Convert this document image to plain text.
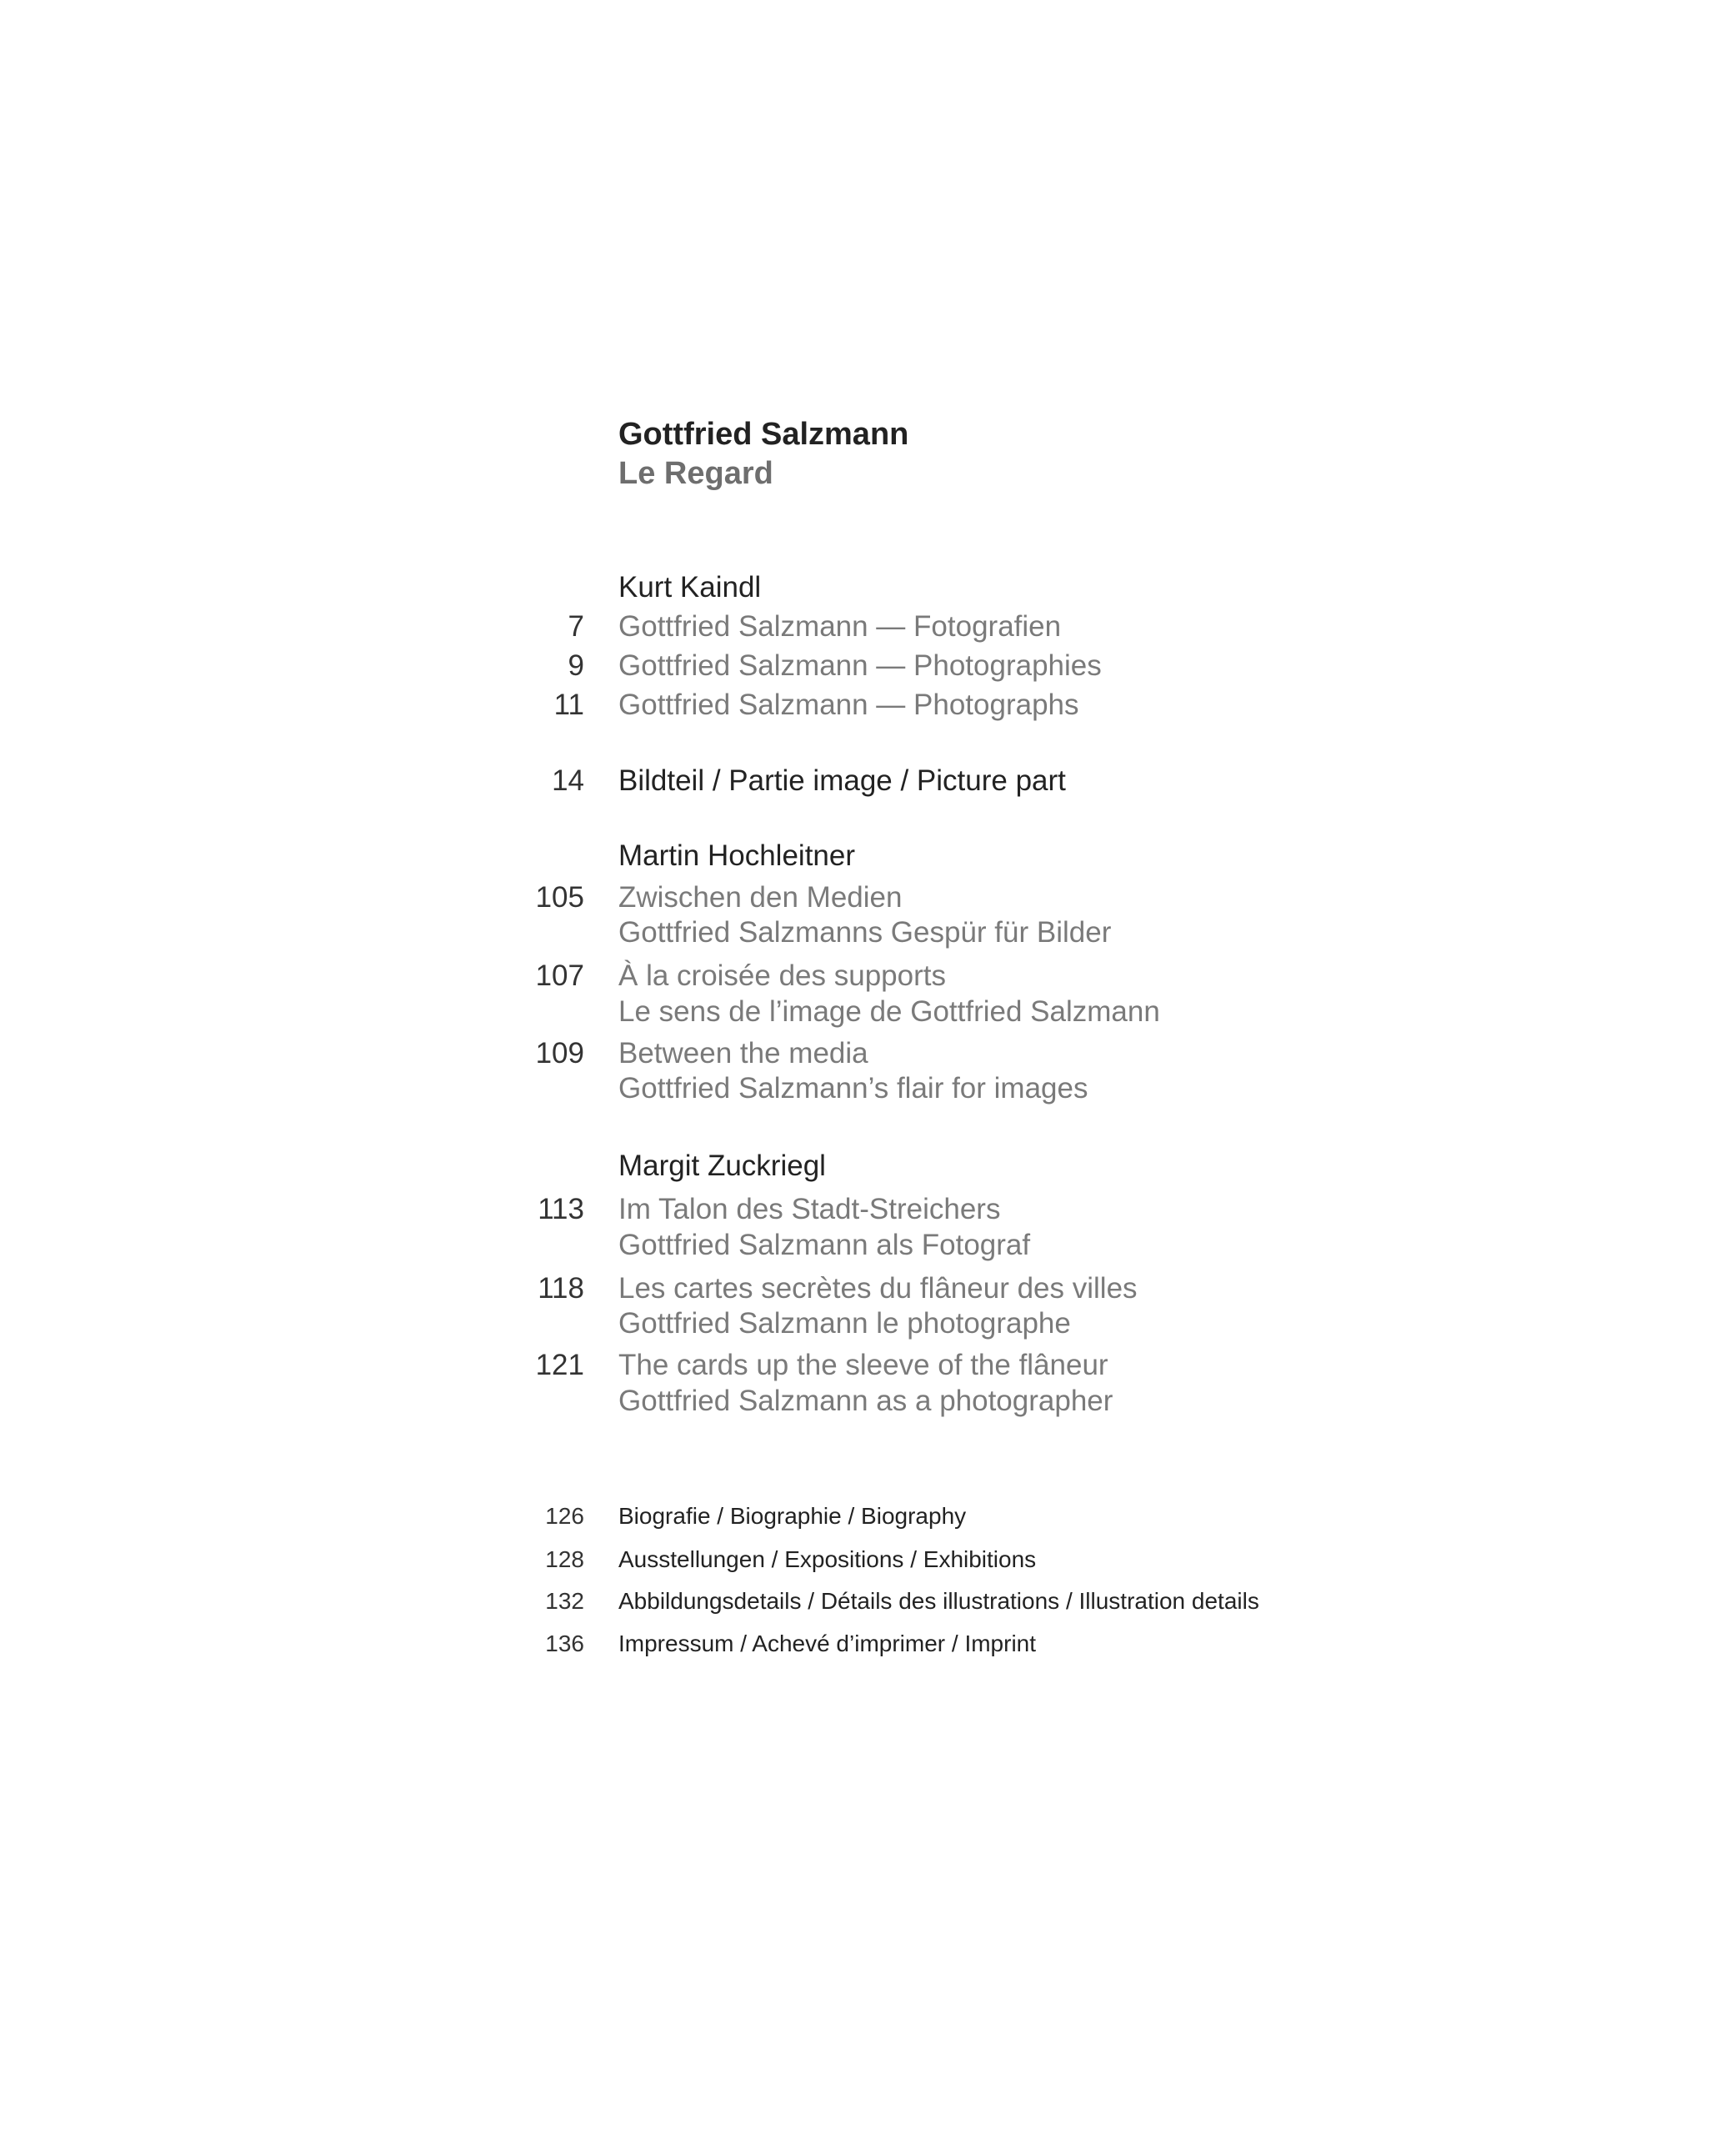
Gottfried Salzmann
Le Regard
Kurt Kaindl
7 Gottfried Salzmann — Fotografien
9 Gottfried Salzmann — Photographies
11 Gottfried Salzmann — Photographs
14 Bildteil / Partie image / Picture part
Martin Hochleitner
105 Zwischen den Medien
Gottfried Salzmanns Gespür für Bilder
107 À la croisée des supports
Le sens de l’image de Gottfried Salzmann
109 Between the media
Gottfried Salzmann’s flair for images
Margit Zuckriegl
113 Im Talon des Stadt-Streichers
Gottfried Salzmann als Fotograf
118 Les cartes secrètes du flâneur des villes
Gottfried Salzmann le photographe
121 The cards up the sleeve of the flâneur
Gottfried Salzmann as a photographer
126 Biografie / Biographie / Biography
128 Ausstellungen / Expositions / Exhibitions
132 Abbildungsdetails / Détails des illustrations / Illustration details
136 Impressum / Achevé d’imprimer / Imprint
